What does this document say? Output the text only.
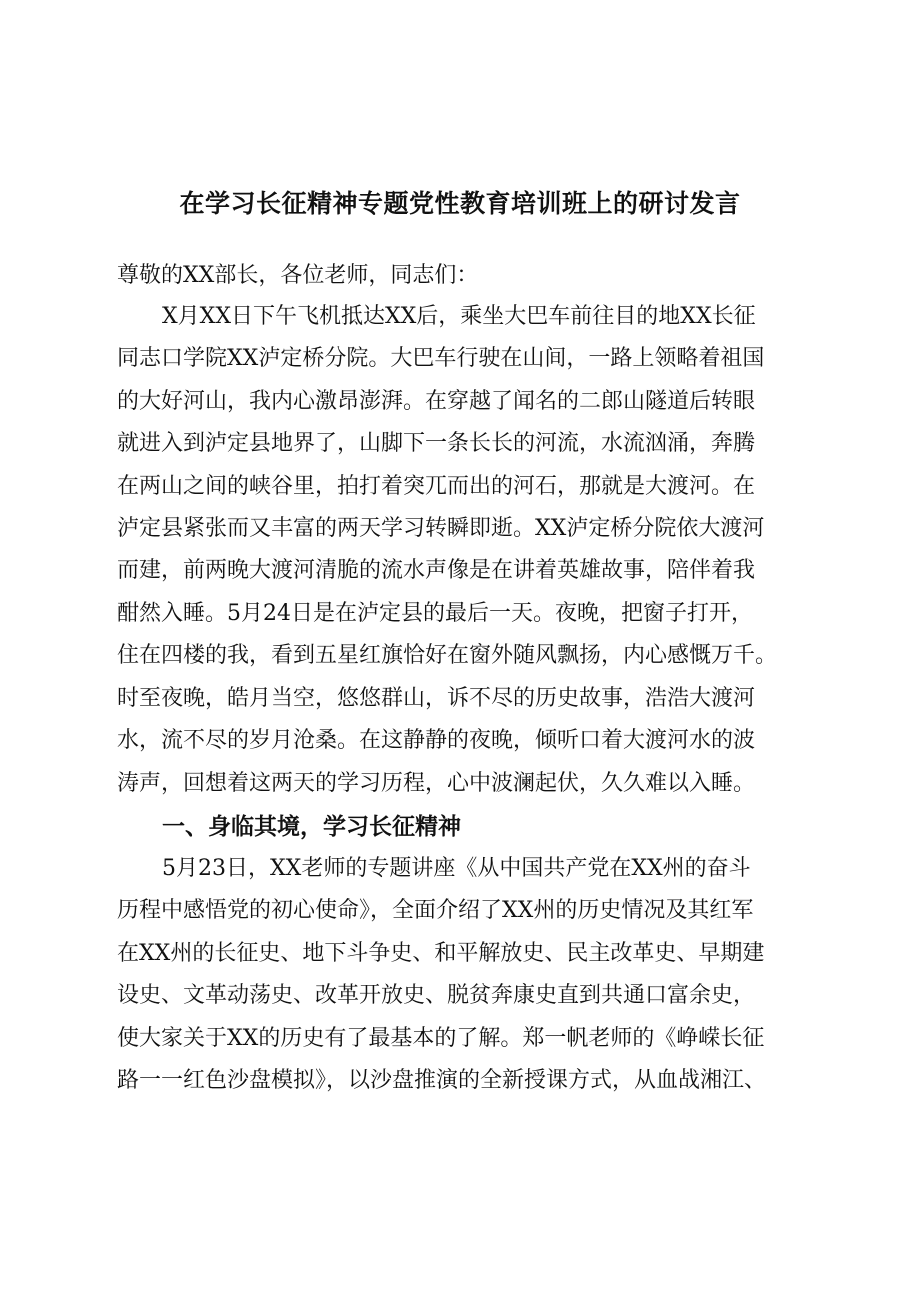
在学习长征精神专题党性教育培训班上的研讨发言

尊敬的XX部长，各位老师，同志们：

X月XX日下午飞机抵达XX后，乘坐大巴车前往目的地XX长征

同志口学院XX泸定桥分院。大巴车行驶在山间，一路上领略着祖国

的大好河山，我内心激昂澎湃。在穿越了闻名的二郎山隧道后转眼

就进入到泸定县地界了，山脚下一条长长的河流，水流汹涌，奔腾

在两山之间的峡谷里，拍打着突兀而出的河石，那就是大渡河。在

泸定县紧张而又丰富的两天学习转瞬即逝。XX泸定桥分院依大渡河

而建，前两晚大渡河清脆的流水声像是在讲着英雄故事，陪伴着我

酣然入睡。5月24日是在泸定县的最后一天。夜晚，把窗子打开，

住在四楼的我，看到五星红旗恰好在窗外随风飘扬，内心感慨万千。

时至夜晚，皓月当空，悠悠群山，诉不尽的历史故事，浩浩大渡河

水，流不尽的岁月沧桑。在这静静的夜晚，倾听口着大渡河水的波

涛声，回想着这两天的学习历程，心中波澜起伏，久久难以入睡。

一、身临其境，学习长征精神

5月23日，XX老师的专题讲座《从中国共产党在XX州的奋斗

历程中感悟党的初心使命》，全面介绍了XX州的历史情况及其红军

在XX州的长征史、地下斗争史、和平解放史、民主改革史、早期建

设史、文革动荡史、改革开放史、脱贫奔康史直到共通口富余史，

使大家关于XX的历史有了最基本的了解。郑一帆老师的《峥嵘长征

路一一红色沙盘模拟》，以沙盘推演的全新授课方式，从血战湘江、
